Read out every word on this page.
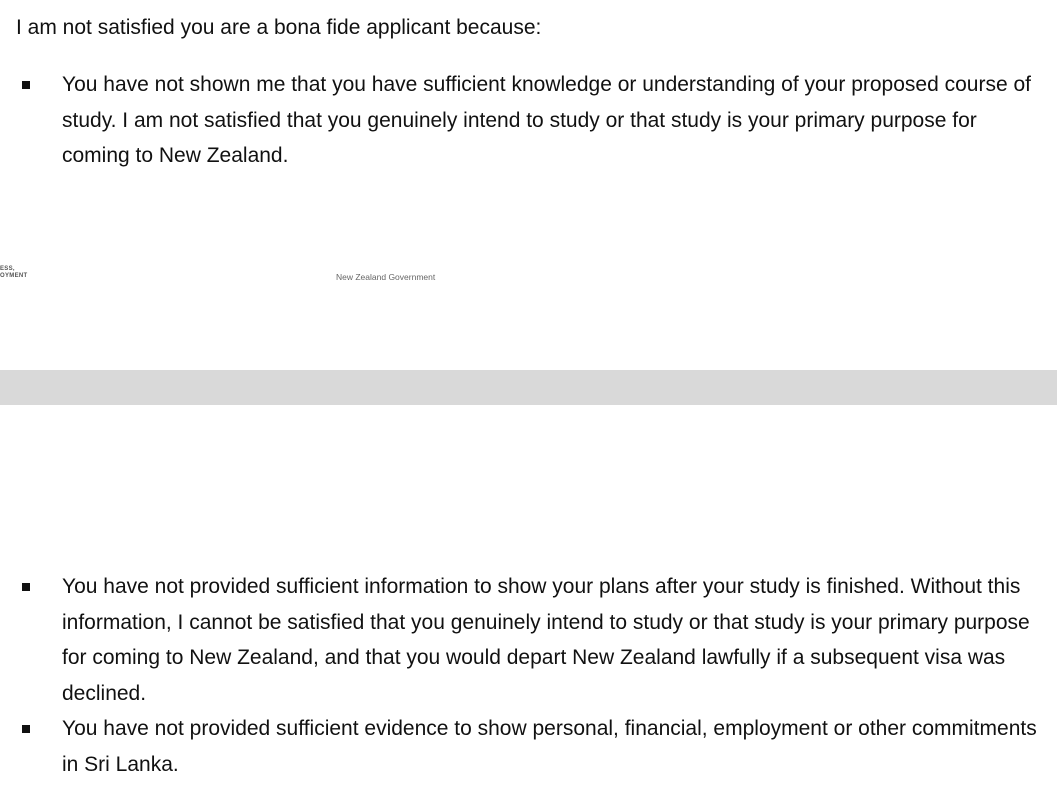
I am not satisfied you are a bona fide applicant because:
You have not shown me that you have sufficient knowledge or understanding of your proposed course of study. I am not satisfied that you genuinely intend to study or that study is your primary purpose for coming to New Zealand.
ESS,
OYMENT	New Zealand Government
You have not provided sufficient information to show your plans after your study is finished. Without this information, I cannot be satisfied that you genuinely intend to study or that study is your primary purpose for coming to New Zealand, and that you would depart New Zealand lawfully if a subsequent visa was declined.
You have not provided sufficient evidence to show personal, financial, employment or other commitments in Sri Lanka.
